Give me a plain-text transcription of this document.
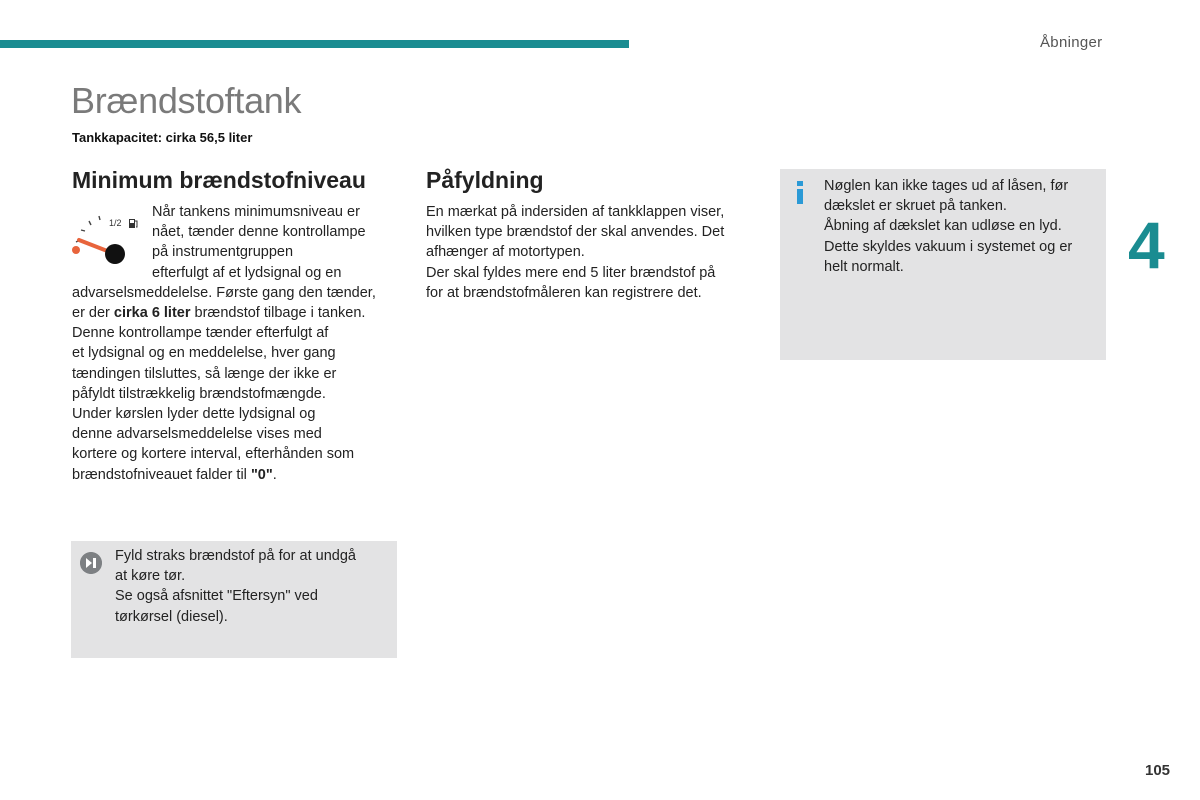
Åbninger
Brændstoftank
Tankkapacitet: cirka 56,5 liter
4
Minimum brændstofniveau
1/2
Når tankens minimumsniveau er
nået, tænder denne kontrollampe
på instrumentgruppen
efterfulgt af et lydsignal og en
advarselsmeddelelse. Første gang den tænder,
er der cirka 6 liter brændstof tilbage i tanken.
Denne kontrollampe tænder efterfulgt af
et lydsignal og en meddelelse, hver gang
tændingen tilsluttes, så længe der ikke er
påfyldt tilstrækkelig brændstofmængde.
Under kørslen lyder dette lydsignal og
denne advarselsmeddelelse vises med
kortere og kortere interval, efterhånden som
brændstofniveauet falder til "0".
Fyld straks brændstof på for at undgå
at køre tør.
Se også afsnittet "Eftersyn" ved
tørkørsel (diesel).
Påfyldning
En mærkat på indersiden af tankklappen viser,
hvilken type brændstof der skal anvendes. Det
afhænger af motortypen.
Der skal fyldes mere end 5 liter brændstof på
for at brændstofmåleren kan registrere det.
Nøglen kan ikke tages ud af låsen, før
dækslet er skruet på tanken.
Åbning af dækslet kan udløse en lyd.
Dette skyldes vakuum i systemet og er
helt normalt.
105
